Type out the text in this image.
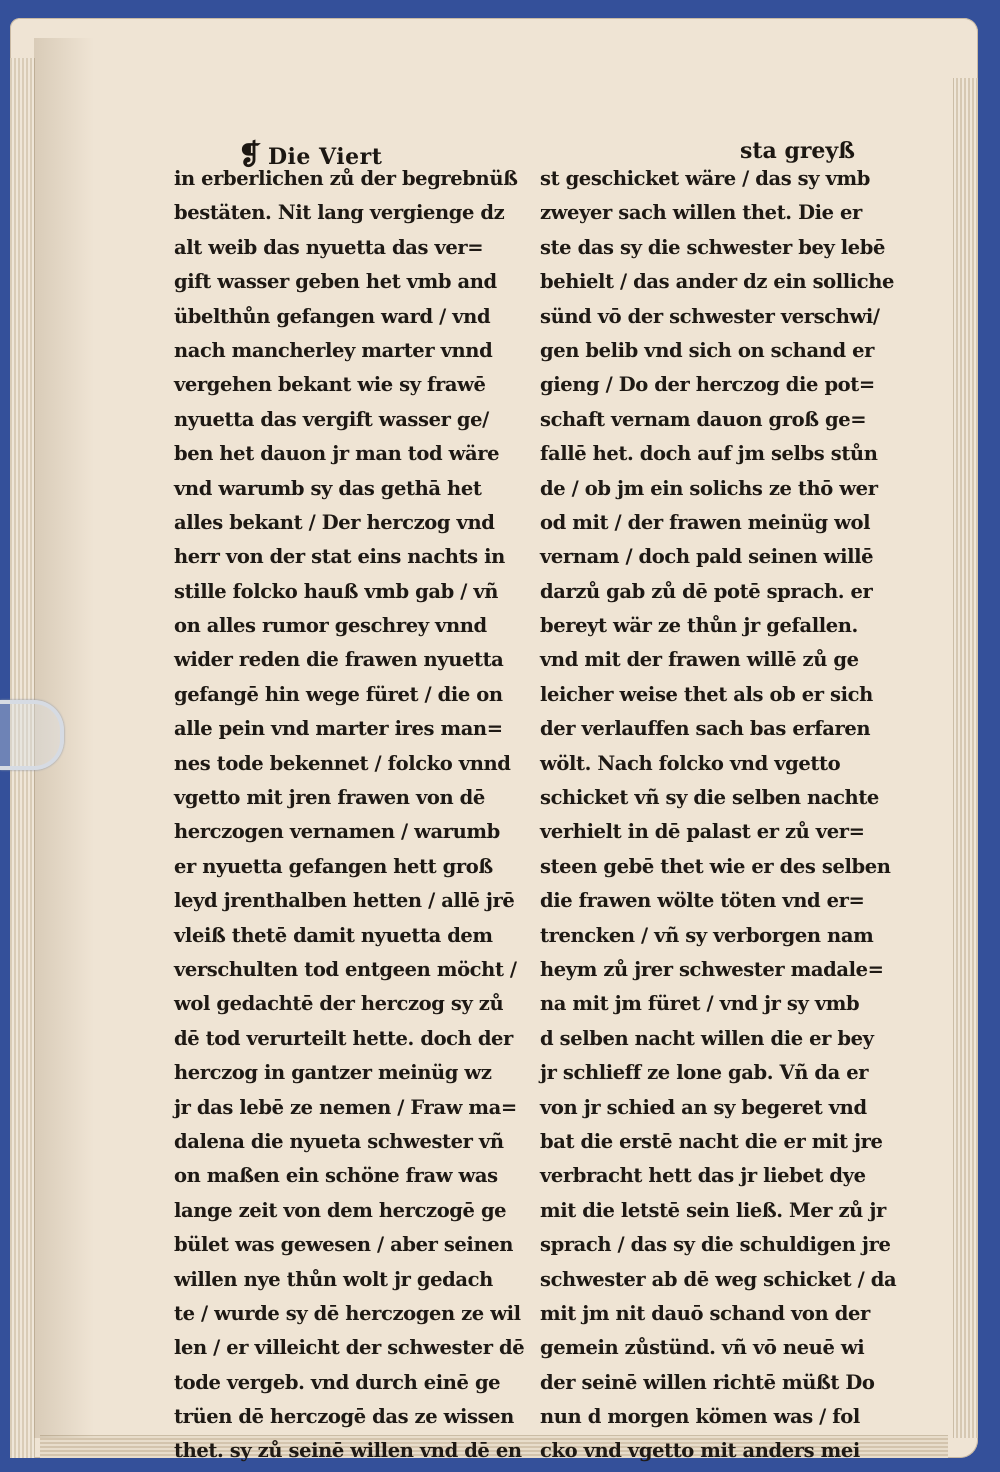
❡ Die Viert	sta greyß
in erberlichen zů der begrebnüß
bestäten. Nit lang vergienge dz
alt weib das nyuetta das ver=
gift wasser geben het vmb and
übelthůn gefangen ward / vnd
nach mancherley marter vnnd
vergehen bekant wie sy frawē
nyuetta das vergift wasser ge/
ben het dauon jr man tod wäre
vnd warumb sy das gethā het
alles bekant / Der herczog vnd
herr von der stat eins nachts in
stille folcko hauß vmb gab / vñ
on alles rumor geschrey vnnd
wider reden die frawen nyuetta
gefangē hin wege füret / die on
alle pein vnd marter ires man=
nes tode bekennet / folcko vnnd
vgetto mit jren frawen von dē
herczogen vernamen / warumb
er nyuetta gefangen hett groß
leyd jrenthalben hetten / allē jrē
vleiß thetē damit nyuetta dem
verschulten tod entgeen möcht /
wol gedachtē der herczog sy zů
dē tod verurteilt hette. doch der
herczog in gantzer meinüg wz
jr das lebē ze nemen / Fraw ma=
dalena die nyueta schwester vñ
on maßen ein schöne fraw was
lange zeit von dem herczogē ge
bület was gewesen / aber seinen
willen nye thůn wolt jr gedach
te / wurde sy dē herczogen ze wil
len / er villeicht der schwester dē
tode vergeb. vnd durch einē ge
trüen dē herczogē das ze wissen
thet. sy zů seinē willen vnd dē en
st geschicket wäre / das sy vmb
zweyer sach willen thet. Die er
ste das sy die schwester bey lebē
behielt / das ander dz ein solliche
sünd vō der schwester verschwi/
gen belib vnd sich on schand er
gieng / Do der herczog die pot=
schaft vernam dauon groß ge=
fallē het. doch auf jm selbs stůn
de / ob jm ein solichs ze thō wer
od mit / der frawen meinüg wol
vernam / doch pald seinen willē
darzů gab zů dē potē sprach. er
bereyt wär ze thůn jr gefallen.
vnd mit der frawen willē zů ge
leicher weise thet als ob er sich
der verlauffen sach bas erfaren
wölt. Nach folcko vnd vgetto
schicket vñ sy die selben nachte
verhielt in dē palast er zů ver=
steen gebē thet wie er des selben
die frawen wölte töten vnd er=
trencken / vñ sy verborgen nam
heym zů jrer schwester madale=
na mit jm füret / vnd jr sy vmb
d selben nacht willen die er bey
jr schlieff ze lone gab. Vñ da er
von jr schied an sy begeret vnd
bat die erstē nacht die er mit jre
verbracht hett das jr liebet dye
mit die letstē sein ließ. Mer zů jr
sprach / das sy die schuldigen jre
schwester ab dē weg schicket / da
mit jm nit dauō schand von der
gemein zůstünd. vñ vō neuē wi
der seinē willen richtē müßt Do
nun d morgen kömen was / fol
cko vnd vgetto mit anders mei
